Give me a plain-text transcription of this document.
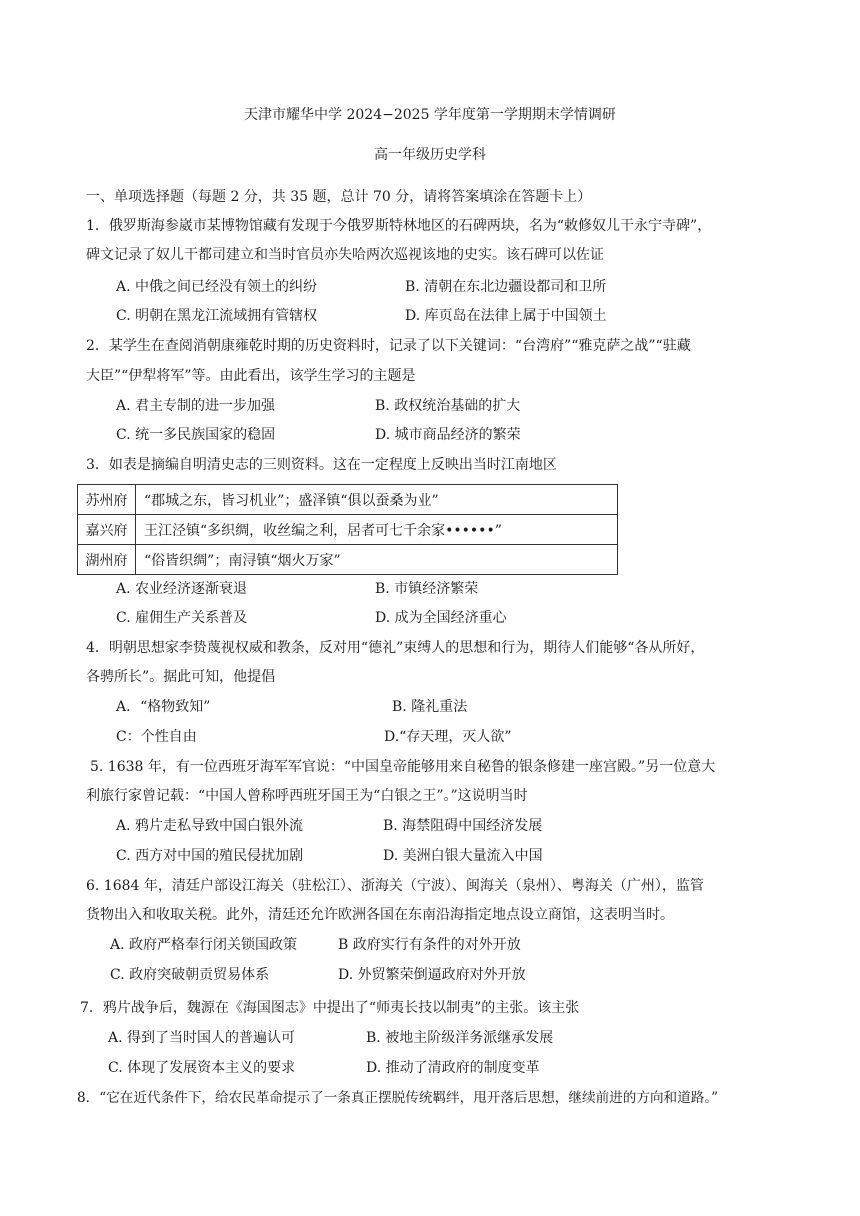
天津市耀华中学 2024−2025 学年度第一学期期末学情调研
高一年级历史学科
一、单项选择题（每题 2 分，共 35 题，总计 70 分，请将答案填涂在答题卡上）
1．俄罗斯海参崴市某博物馆藏有发现于今俄罗斯特林地区的石碑两块，名为“敕修奴儿干永宁寺碑”，
碑文记录了奴儿干都司建立和当时官员亦失哈两次巡视该地的史实。该石碑可以佐证
A. 中俄之间已经没有领土的纠纷	B. 清朝在东北边疆设都司和卫所
C. 明朝在黑龙江流域拥有管辖权	D. 库页岛在法律上属于中国领土
2．某学生在查阅消朝康雍乾时期的历史资料时，记录了以下关键词：“台湾府”“雅克萨之战”“驻藏
大臣”“伊犁将军”等。由此看出，该学生学习的主题是
A. 君主专制的进一步加强	B. 政权统治基础的扩大
C. 统一多民族国家的稳固	D. 城市商品经济的繁荣
3．如表是摘编自明清史志的三则资料。这在一定程度上反映出当时江南地区
苏州府	“郡城之东，皆习机业”；盛泽镇“俱以蚕桑为业”
嘉兴府	王江泾镇“多织绸，收丝编之利，居者可七千余家••••••”
湖州府	“俗皆织绸”；南浔镇“烟火万家”
A. 农业经济逐渐衰退	B. 市镇经济繁荣
C. 雇佣生产关系普及	D. 成为全国经济重心
4．明朝思想家李贽蔑视权威和教条，反对用“德礼”束缚人的思想和行为，期待人们能够“各从所好，
各骋所长”。据此可知，他提倡
A．“格物致知”	B. 隆礼重法
C：个性自由	D.“存天理，灭人欲”
5. 1638 年，有一位西班牙海军军官说：“中国皇帝能够用来自秘鲁的银条修建一座宫殿。”另一位意大
利旅行家曾记载：“中国人曾称呼西班牙国王为“白银之王”。”这说明当时
A. 鸦片走私导致中国白银外流	B. 海禁阻碍中国经济发展
C. 西方对中国的殖民侵扰加剧	D. 美洲白银大量流入中国
6. 1684 年，清廷户部设江海关（驻松江）、浙海关（宁波）、闽海关（泉州）、粤海关（广州），监管
货物出入和收取关税。此外，清廷还允许欧洲各国在东南沿海指定地点设立商馆，这表明当时。
A. 政府严格奉行闭关锁国政策	B 政府实行有条件的对外开放
C. 政府突破朝贡贸易体系	D. 外贸繁荣倒逼政府对外开放
7．鸦片战争后，魏源在《海国图志》中提出了“师夷长技以制夷”的主张。该主张
A. 得到了当时国人的普遍认可	B. 被地主阶级洋务派继承发展
C. 体现了发展资本主义的要求	D. 推动了清政府的制度变革
8．“它在近代条件下，给农民革命提示了一条真正摆脱传统羁绊，甩开落后思想，继续前进的方向和道路。”
